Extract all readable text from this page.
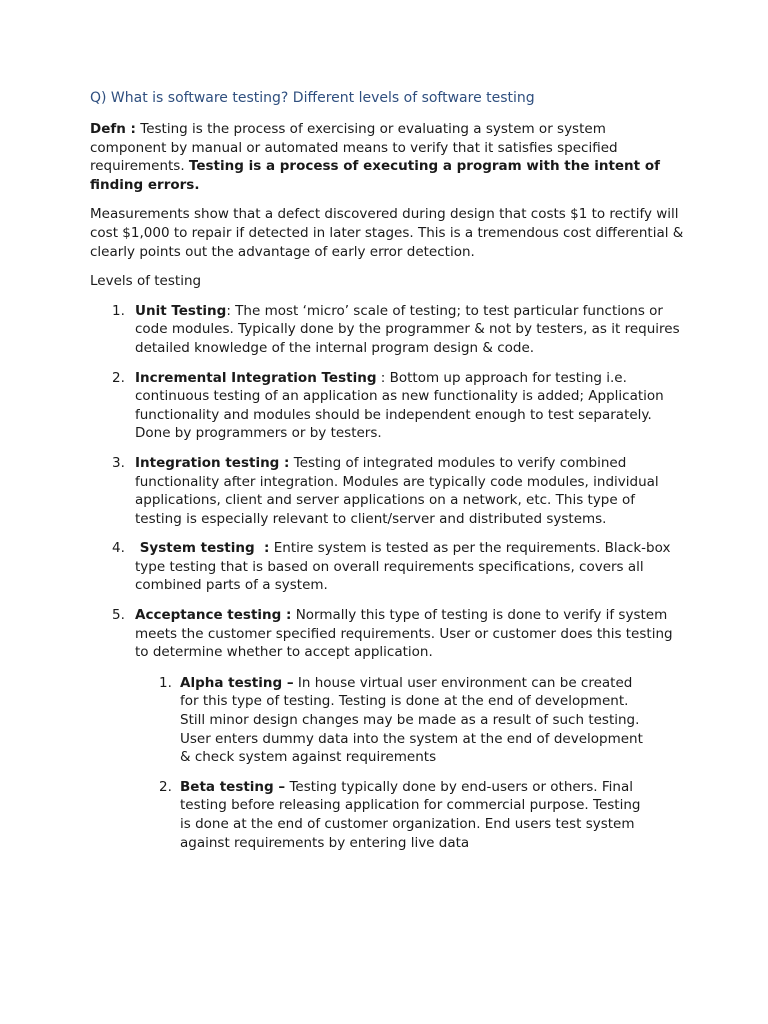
Q) What is software testing? Different levels of software testing

Defn : Testing is the process of exercising or evaluating a system or system component by manual or automated means to verify that it satisfies specified requirements. Testing is a process of executing a program with the intent of finding errors.

Measurements show that a defect discovered during design that costs $1 to rectify will cost $1,000 to repair if detected in later stages. This is a tremendous cost differential & clearly points out the advantage of early error detection.

Levels of testing

1. Unit Testing: The most ‘micro’ scale of testing; to test particular functions or code modules. Typically done by the programmer & not by testers, as it requires detailed knowledge of the internal program design & code.
2. Incremental Integration Testing : Bottom up approach for testing i.e. continuous testing of an application as new functionality is added; Application functionality and modules should be independent enough to test separately. Done by programmers or by testers.
3. Integration testing : Testing of integrated modules to verify combined functionality after integration. Modules are typically code modules, individual applications, client and server applications on a network, etc. This type of testing is especially relevant to client/server and distributed systems.
4. System testing  : Entire system is tested as per the requirements. Black-box type testing that is based on overall requirements specifications, covers all combined parts of a system.
5. Acceptance testing : Normally this type of testing is done to verify if system meets the customer specified requirements. User or customer does this testing to determine whether to accept application.
1. Alpha testing – In house virtual user environment can be created for this type of testing. Testing is done at the end of development. Still minor design changes may be made as a result of such testing. User enters dummy data into the system at the end of development & check system against requirements
2. Beta testing – Testing typically done by end-users or others. Final testing before releasing application for commercial purpose. Testing is done at the end of customer organization. End users test system against requirements by entering live data
